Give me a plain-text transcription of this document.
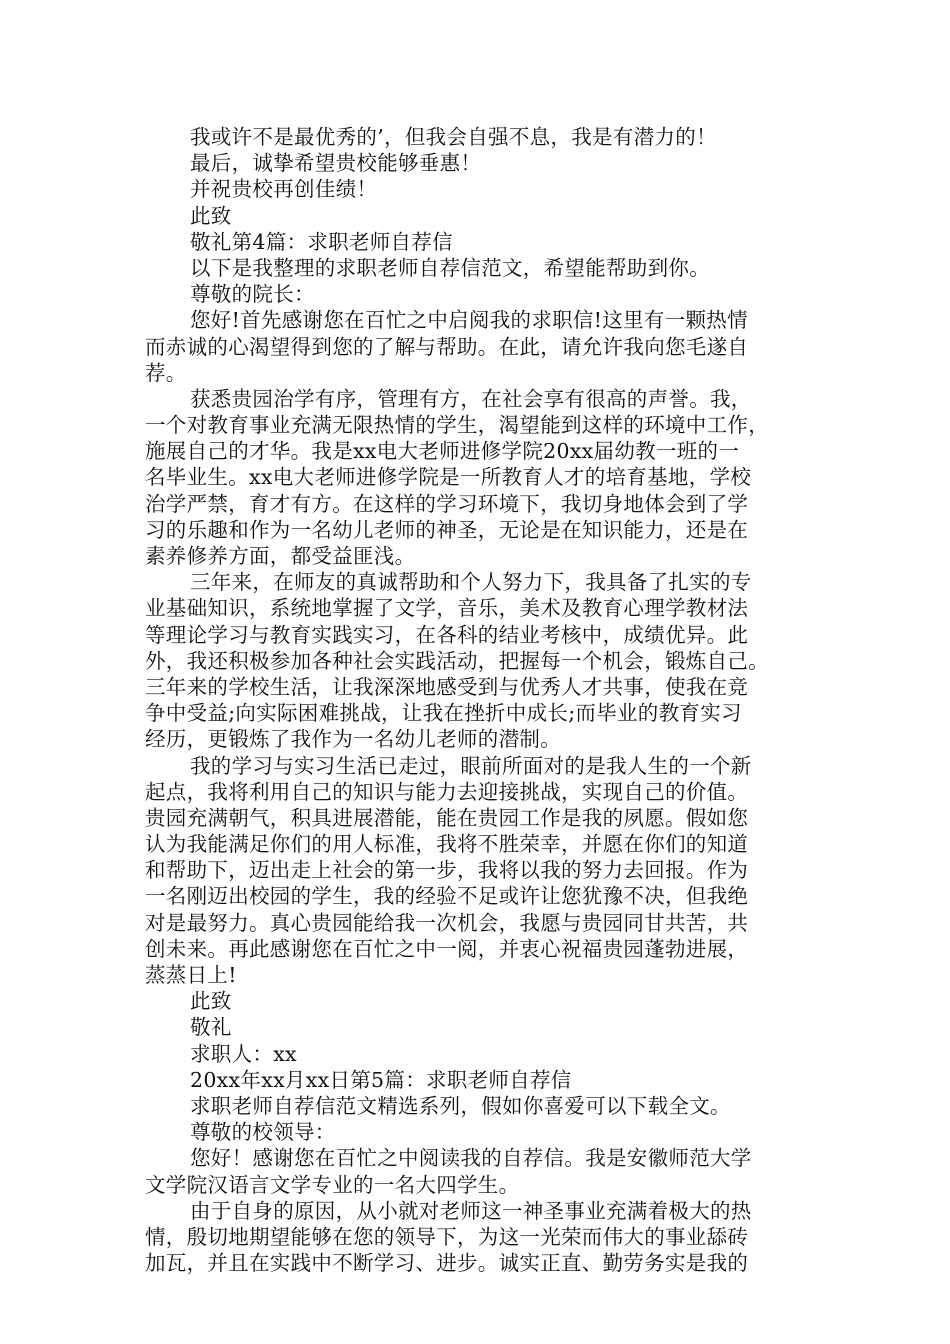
我或许不是最优秀的’，但我会自强不息，我是有潜力的！
最后，诚挚希望贵校能够垂惠！
并祝贵校再创佳绩！
此致
敬礼第4篇：求职老师自荐信
以下是我整理的求职老师自荐信范文，希望能帮助到你。
尊敬的院长：
您好!首先感谢您在百忙之中启阅我的求职信!这里有一颗热情
而赤诚的心渴望得到您的了解与帮助。在此，请允许我向您毛遂自
荐。
获悉贵园治学有序，管理有方，在社会享有很高的声誉。我，
一个对教育事业充满无限热情的学生，渴望能到这样的环境中工作，
施展自己的才华。我是xx电大老师进修学院20xx届幼教一班的一
名毕业生。xx电大老师进修学院是一所教育人才的培育基地，学校
治学严禁，育才有方。在这样的学习环境下，我切身地体会到了学
习的乐趣和作为一名幼儿老师的神圣，无论是在知识能力，还是在
素养修养方面，都受益匪浅。
三年来，在师友的真诚帮助和个人努力下，我具备了扎实的专
业基础知识，系统地掌握了文学，音乐，美术及教育心理学教材法
等理论学习与教育实践实习，在各科的结业考核中，成绩优异。此
外，我还积极参加各种社会实践活动，把握每一个机会，锻炼自己。
三年来的学校生活，让我深深地感受到与优秀人才共事，使我在竞
争中受益;向实际困难挑战，让我在挫折中成长;而毕业的教育实习
经历，更锻炼了我作为一名幼儿老师的潜制。
我的学习与实习生活已走过，眼前所面对的是我人生的一个新
起点，我将利用自己的知识与能力去迎接挑战，实现自己的价值。
贵园充满朝气，积具进展潜能，能在贵园工作是我的夙愿。假如您
认为我能满足你们的用人标准，我将不胜荣幸，并愿在你们的知道
和帮助下，迈出走上社会的第一步，我将以我的努力去回报。作为
一名刚迈出校园的学生，我的经验不足或许让您犹豫不决，但我绝
对是最努力。真心贵园能给我一次机会，我愿与贵园同甘共苦，共
创未来。再此感谢您在百忙之中一阅，并衷心祝福贵园蓬勃进展，
蒸蒸日上!
此致
敬礼
求职人：xx
20xx年xx月xx日第5篇：求职老师自荐信
求职老师自荐信范文精选系列，假如你喜爱可以下载全文。
尊敬的校领导：
您好！感谢您在百忙之中阅读我的自荐信。我是安徽师范大学
文学院汉语言文学专业的一名大四学生。
由于自身的原因，从小就对老师这一神圣事业充满着极大的热
情，殷切地期望能够在您的领导下，为这一光荣而伟大的事业舔砖
加瓦，并且在实践中不断学习、进步。诚实正直、勤劳务实是我的
